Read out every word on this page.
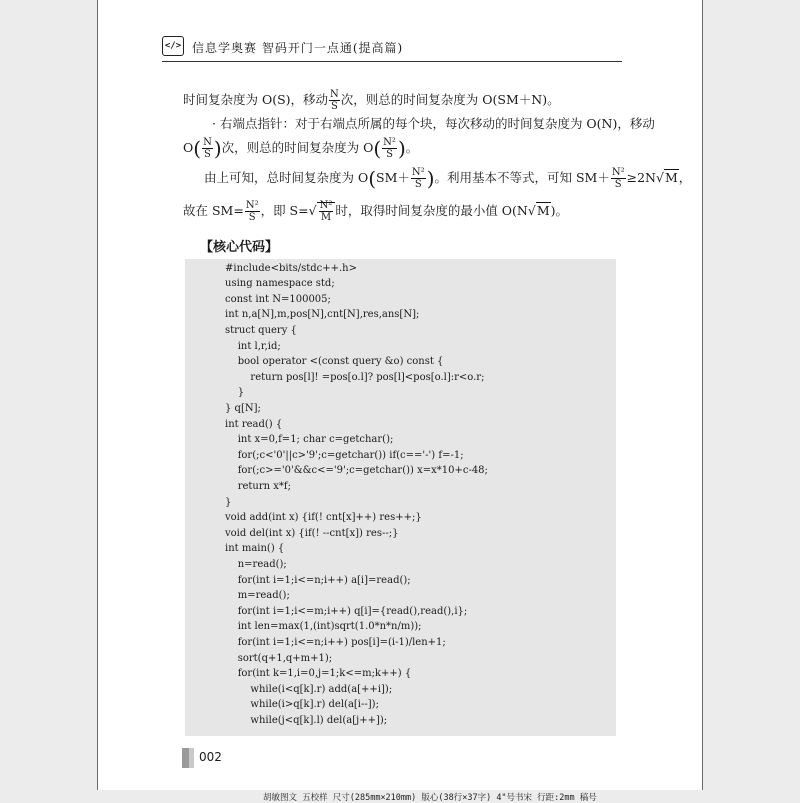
</> 信息学奥赛 智码开门一点通(提高篇)
时间复杂度为 O(S)，移动 $\frac{N}{S}$ 次，则总的时间复杂度为 O(SM＋N)。
· 右端点指针：对于右端点所属的每个块，每次移动的时间复杂度为 O(N)，移动
$O( \frac{N}{S}$ )次，则总的时间复杂度为 $O( \frac{\text{N²}}{S}$ )。
由上可知，总时间复杂度为 $O(SM+ \frac{\text{N²}}{S}$ )。利用基本不等式，可知 $SM+ \frac{\text{N²}}{S} \ge 2N√M$，
故在 $SM= \frac{\text{N²}}{S}$ ，即 $S=√ \frac{\text{N²}}{M}$ 时，取得时间复杂度的最小值 O(N√M)。
【核心代码】
#include<bits/stdc++.h>
using namespace std;
const int N=100005;
int n,a[N],m,pos[N],cnt[N],res,ans[N];
struct query {
int l,r,id;
bool operator <(const query &o) const {
return pos[l]! =pos[o.l]? pos[l]<pos[o.l]:r<o.r;
}
} q[N];
int read() {
int x=0,f=1; char c=getchar();
for(;c<'0'||c>'9';c=getchar()) if(c=='-') f=-1;
for(;c>='0'&&c<='9';c=getchar()) x=x*10+c-48;
return x*f;
}
void add(int x) {if(! cnt[x]++) res++;}
void del(int x) {if(! --cnt[x]) res--;}
int main() {
n=read();
for(int i=1;i<=n;i++) a[i]=read();
m=read();
for(int i=1;i<=m;i++) q[i]={read(),read(),i};
int len=max(1,(int)sqrt(1.0*n*n/m));
for(int i=1;i<=n;i++) pos[i]=(i-1)/len+1;
sort(q+1,q+m+1);
for(int k=1,i=0,j=1;k<=m;k++) {
while(i<q[k].r) add(a[++i]);
while(i>q[k].r) del(a[i--]);
while(j<q[k].l) del(a[j++]);
002
胡敏图文 五校样 尺寸(285mm×210mm) 版心(38行×37字) 4"号书宋 行距:2mm 稿号
